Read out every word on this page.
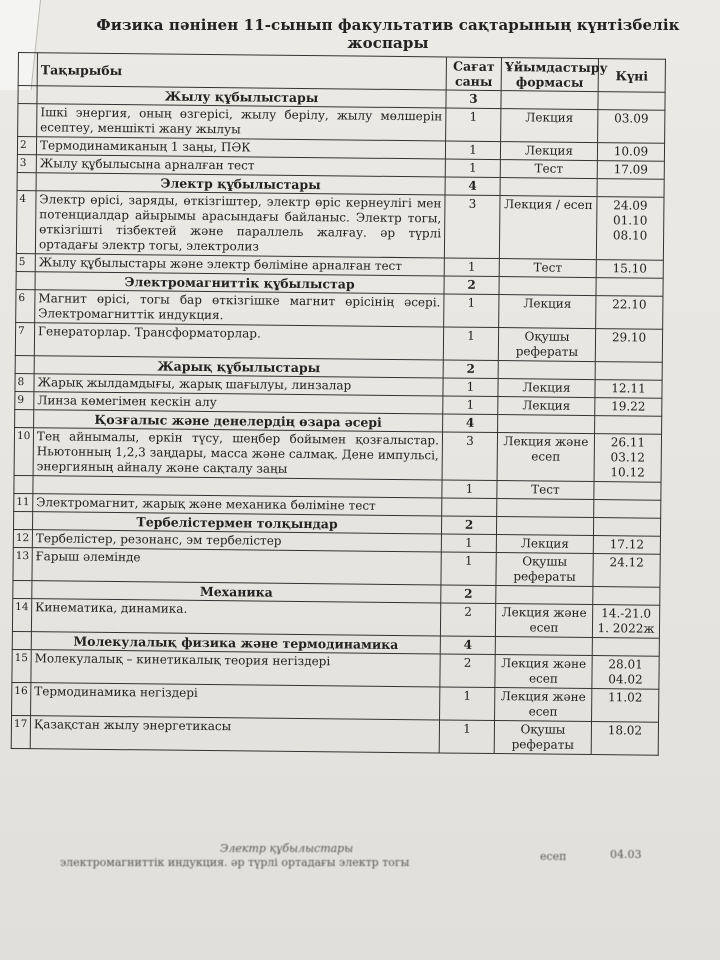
Физика пәнінен 11-сынып факультатив сақтарының күнтізбелік жоспары
	Тақырыбы	Сағат саны	Ұйымдастыру формасы	Күні
	Жылу құбылыстары	3		
	Ішкі энергия, оның өзгерісі, жылу берілу, жылу мөлшерін есептеу, меншікті жану жылуы	1	Лекция	03.09
2	Термодинамиканың 1 заңы, ПӘК	1	Лекция	10.09
3	Жылу құбылысына арналған тест	1	Тест	17.09
	Электр құбылыстары	4		
4	Электр өрісі, заряды, өткізгіштер, электр өріс кернеулігі мен потенциалдар айырымы арасындағы байланыс. Электр тогы, өткізгішті тізбектей және параллель жалғау. әр түрлі ортадағы электр тогы, электролиз	3	Лекция / есеп	24.09 01.10 08.10
5	Жылу құбылыстары және электр бөліміне арналған тест	1	Тест	15.10
	Электромагниттік құбылыстар	2		
6	Магнит өрісі, тогы бар өткізгішке магнит өрісінің әсері. Электромагниттік индукция.	1	Лекция	22.10
7	Генераторлар. Трансформаторлар.	1	Оқушы рефераты	29.10
	Жарық құбылыстары	2		
8	Жарық жылдамдығы, жарық шағылуы, линзалар	1	Лекция	12.11
9	Линза көмегімен кескін алу	1	Лекция	19.22
	Қозғалыс және денелердің өзара әсері	4		
10	Тең айнымалы, еркін түсу, шеңбер бойымен қозғалыстар. Ньютонның 1,2,3 заңдары, масса және салмақ. Дене импульсі, энергияның айналу және сақталу заңы	3	Лекция және есеп	26.11 03.12 10.12
		1	Тест	
11	Электромагнит, жарық және механика бөліміне тест			
	Тербелістермен толқындар	2		
12	Тербелістер, резонанс, эм тербелістер	1	Лекция	17.12
13	Ғарыш әлемінде	1	Оқушы рефераты	24.12
	Механика	2		
14	Кинематика, динамика.	2	Лекция және есеп	14.-21.0 1. 2022ж
	Молекулалық физика және термодинамика	4		
15	Молекулалық – кинетикалық теория негіздері	2	Лекция және есеп	28.01 04.02
16	Термодинамика негіздері	1	Лекция және есеп	11.02
17	Қазақстан жылу энергетикасы	1	Оқушы рефераты	18.02
Электр құбылыстары
электромагниттік индукция. әр түрлі ортадағы электр тогы	есеп	04.03
